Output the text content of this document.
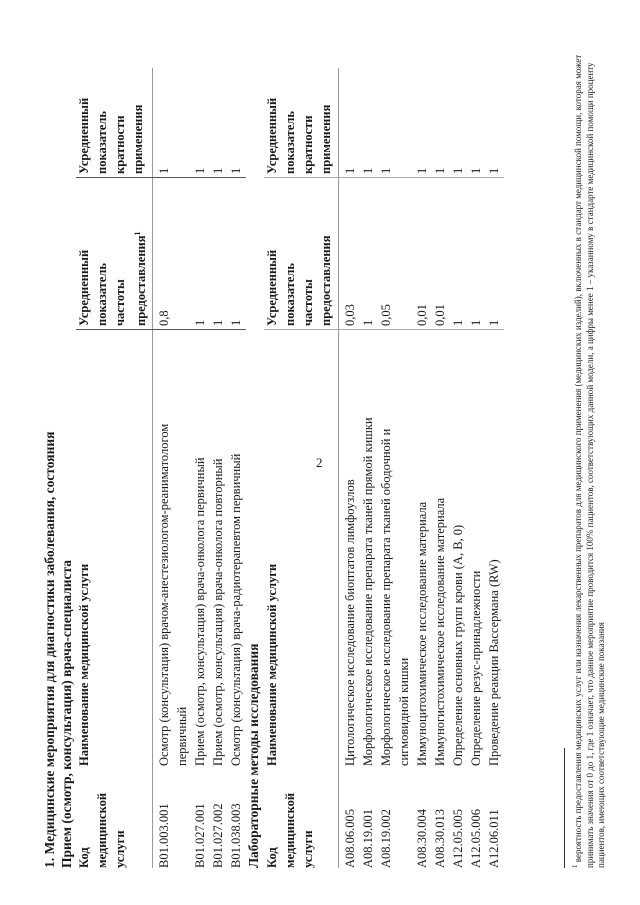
2
1. Медицинские мероприятия для диагностики заболевания, состояния Прием (осмотр, консультация) врача-специалиста Код медицинской услуги
Наименование медицинской услуги
Усредненный показатель частоты предоставления$^1$
Усредненный показатель кратности применения
B01.003.001
Осмотр (консультация) врачом-анестезиологом-реаниматологом первичный
0,8
1
B01.027.001
Прием (осмотр, консультация) врача-онколога первичный
1
1
B01.027.002
Прием (осмотр, консультация) врача-онколога повторный
1
1
B01.038.003
Осмотр (консультация) врача-радиотерапевтом первичный
1
1
Лабораторные методы исследования Код медицинской услуги
Наименование медицинской услуги
Усредненный показатель частоты предоставления
Усредненный показатель кратности применения
A08.06.005
Цитологическое исследование биоптатов лимфоузлов
0,03
1
A08.19.001
Морфологическое исследование препарата тканей прямой кишки
1
1
A08.19.002
Морфологическое исследование препарата тканей ободочной и сигмовидной кишки
0,05
1
A08.30.004
Иммуноцитохимическое исследование материала
0,01
1
A08.30.013
Иммуногистохимическое исследование материала
0,01
1
A12.05.005
Определение основных групп крови (A, B, 0)
1
1
A12.05.006
Определение резус-принадлежности
1
1
A12.06.011
Проведение реакции Вассермана (RW)
1
1
$^1$ вероятность предоставления медицинских услуг или назначения лекарственных препаратов для медицинского применения (медицинских изделий), включенных в стандарт медицинской помощи, которая может принимать значения от 0 до 1, где 1 означает, что данное мероприятие проводится 100% пациентов, соответствующих данной модели, а цифры менее 1 – указанному в стандарте медицинской помощи проценту пациентов, имеющих соответствующие медицинские показания
